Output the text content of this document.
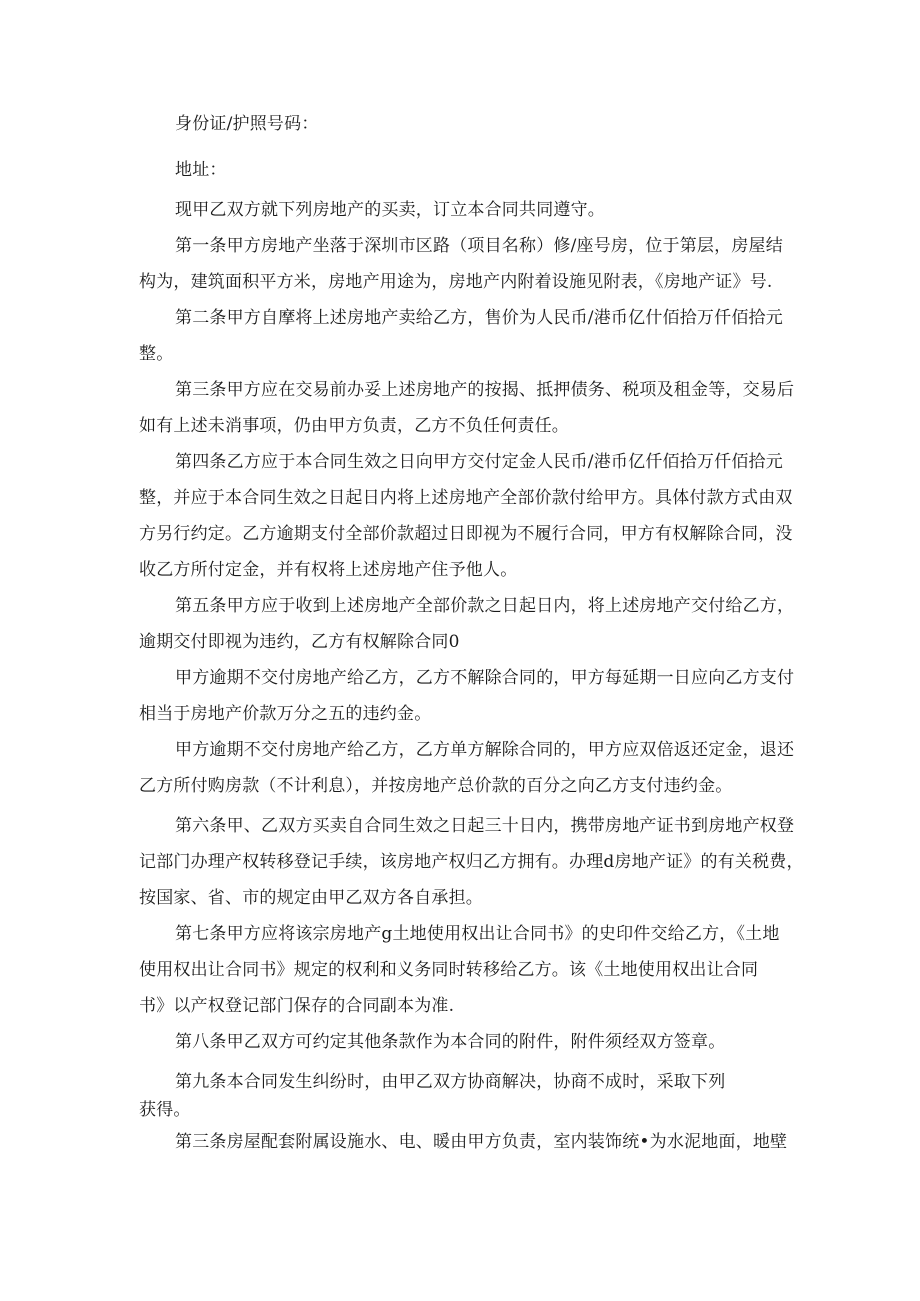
身份证/护照号码：
地址：
现甲乙双方就下列房地产的买卖，订立本合同共同遵守。
第一条甲方房地产坐落于深圳市区路（项目名称）修/座号房，位于第层，房屋结
构为，建筑面积平方米，房地产用途为，房地产内附着设施见附表，《房地产证》号.
第二条甲方自摩将上述房地产卖给乙方，售价为人民币/港币亿什佰拾万仟佰拾元
整。
第三条甲方应在交易前办妥上述房地产的按揭、抵押债务、税项及租金等，交易后
如有上述未消事项，仍由甲方负责，乙方不负任何责任。
第四条乙方应于本合同生效之日向甲方交付定金人民币/港币亿仟佰拾万仟佰拾元
整，并应于本合同生效之日起日内将上述房地产全部价款付给甲方。具体付款方式由双
方另行约定。乙方逾期支付全部价款超过日即视为不履行合同，甲方有权解除合同，没
收乙方所付定金，并有权将上述房地产住予他人。
第五条甲方应于收到上述房地产全部价款之日起日内，将上述房地产交付给乙方，
逾期交付即视为违约，乙方有权解除合同0
甲方逾期不交付房地产给乙方，乙方不解除合同的，甲方每延期一日应向乙方支付
相当于房地产价款万分之五的违约金。
甲方逾期不交付房地产给乙方，乙方单方解除合同的，甲方应双倍返还定金，退还
乙方所付购房款（不计利息），并按房地产总价款的百分之向乙方支付违约金。
第六条甲、乙双方买卖自合同生效之日起三十日内，携带房地产证书到房地产权登
记部门办理产权转移登记手续，该房地产权归乙方拥有。办理d房地产证》的有关税费，
按国家、省、市的规定由甲乙双方各自承担。
第七条甲方应将该宗房地产g土地使用权出让合同书》的史印件交给乙方，《土地
使用权出让合同书》规定的权利和义务同时转移给乙方。该《土地使用权出让合同
书》以产权登记部门保存的合同副本为准.
第八条甲乙双方可约定其他条款作为本合同的附件，附件须经双方签章。
第九条本合同发生纠纷时，由甲乙双方协商解决，协商不成时，采取下列
获得。
第三条房屋配套附属设施水、电、暖由甲方负责，室内装饰统•为水泥地面，地壁
